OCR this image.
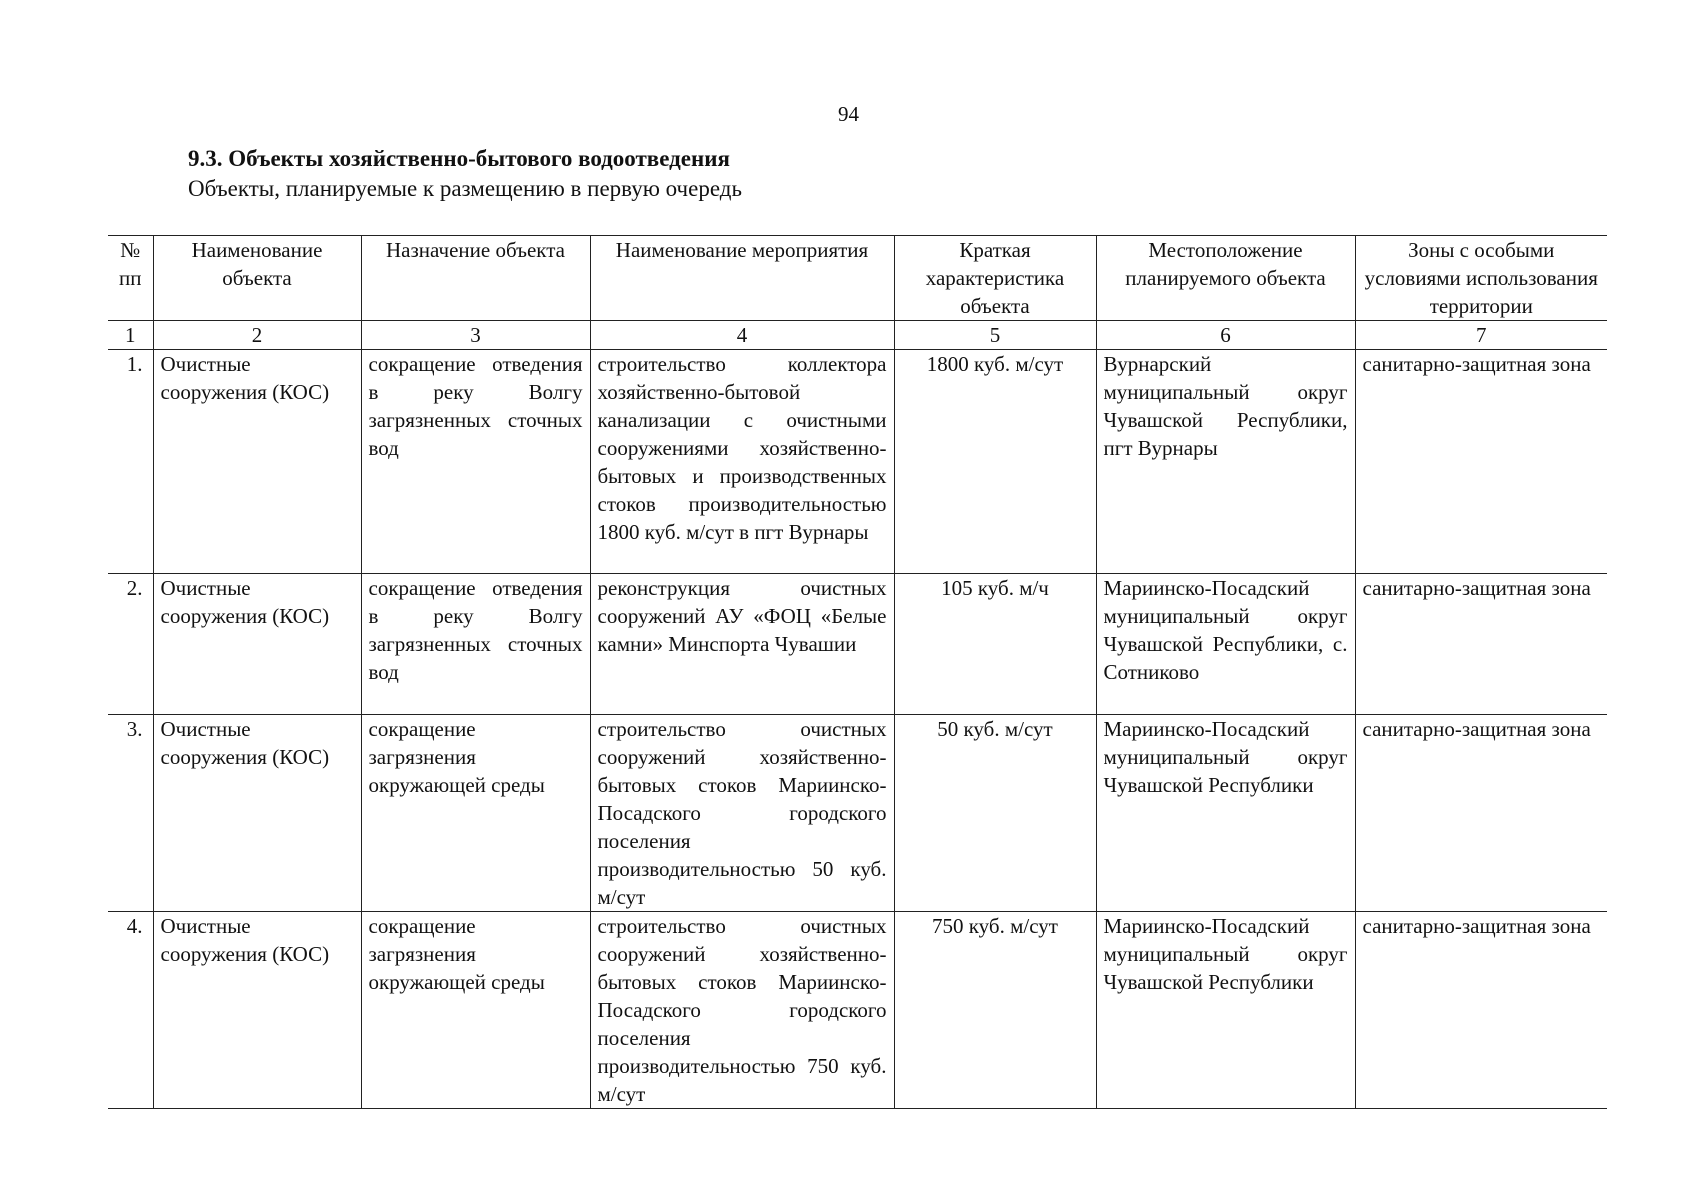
94
9.3. Объекты хозяйственно-бытового водоотведения
Объекты, планируемые к размещению в первую очередь
№ пп	Наименование объекта	Назначение объекта	Наименование мероприятия	Краткая характеристика объекта	Местоположение планируемого объекта	Зоны с особыми условиями использования территории
1	2	3	4	5	6	7
1.	Очистные сооружения (КОС)	сокращение отведения в реку Волгу загрязненных сточных вод	строительство коллектора хозяйственно-бытовой канализации с очистными сооружениями хозяйственно-бытовых и производственных стоков производительностью 1800 куб. м/сут в пгт Вурнары	1800 куб. м/сут	Вурнарский муниципальный округ Чувашской Республики, пгт Вурнары	санитарно-защитная зона
2.	Очистные сооружения (КОС)	сокращение отведения в реку Волгу загрязненных сточных вод	реконструкция очистных сооружений АУ «ФОЦ «Белые камни» Минспорта Чувашии	105 куб. м/ч	Мариинско-Посадский муниципальный округ Чувашской Республики, с. Сотниково	санитарно-защитная зона
3.	Очистные сооружения (КОС)	сокращение загрязнения окружающей среды	строительство очистных сооружений хозяйственно-бытовых стоков Мариинско-Посадского городского поселения производительностью 50 куб. м/сут	50 куб. м/сут	Мариинско-Посадский муниципальный округ Чувашской Республики	санитарно-защитная зона
4.	Очистные сооружения (КОС)	сокращение загрязнения окружающей среды	строительство очистных сооружений хозяйственно-бытовых стоков Мариинско-Посадского городского поселения производительностью 750 куб. м/сут	750 куб. м/сут	Мариинско-Посадский муниципальный округ Чувашской Республики	санитарно-защитная зона
